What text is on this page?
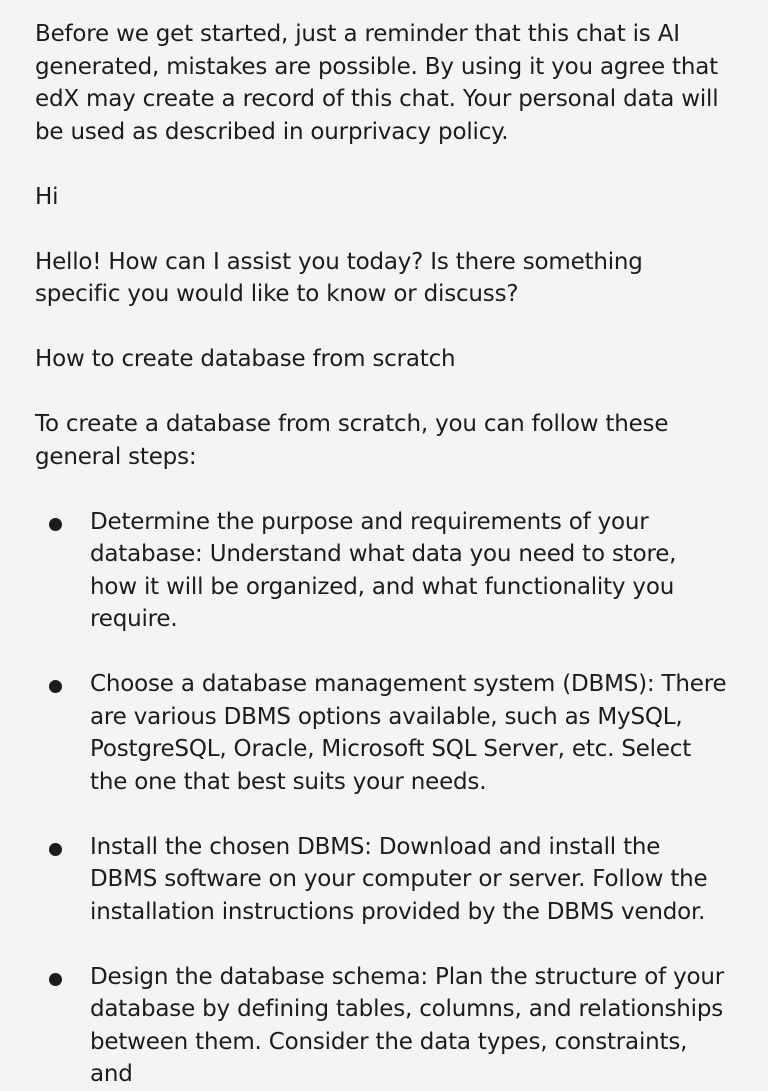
Before we get started, just a reminder that this chat is AI generated, mistakes are possible. By using it you agree that edX may create a record of this chat. Your personal data will be used as described in ourprivacy policy.

Hi

Hello! How can I assist you today? Is there something specific you would like to know or discuss?

How to create database from scratch

To create a database from scratch, you can follow these general steps:

Determine the purpose and requirements of your database: Understand what data you need to store, how it will be organized, and what functionality you require.
Choose a database management system (DBMS): There are various DBMS options available, such as MySQL, PostgreSQL, Oracle, Microsoft SQL Server, etc. Select the one that best suits your needs.
Install the chosen DBMS: Download and install the DBMS software on your computer or server. Follow the installation instructions provided by the DBMS vendor.
Design the database schema: Plan the structure of your database by defining tables, columns, and relationships between them. Consider the data types, constraints, and
